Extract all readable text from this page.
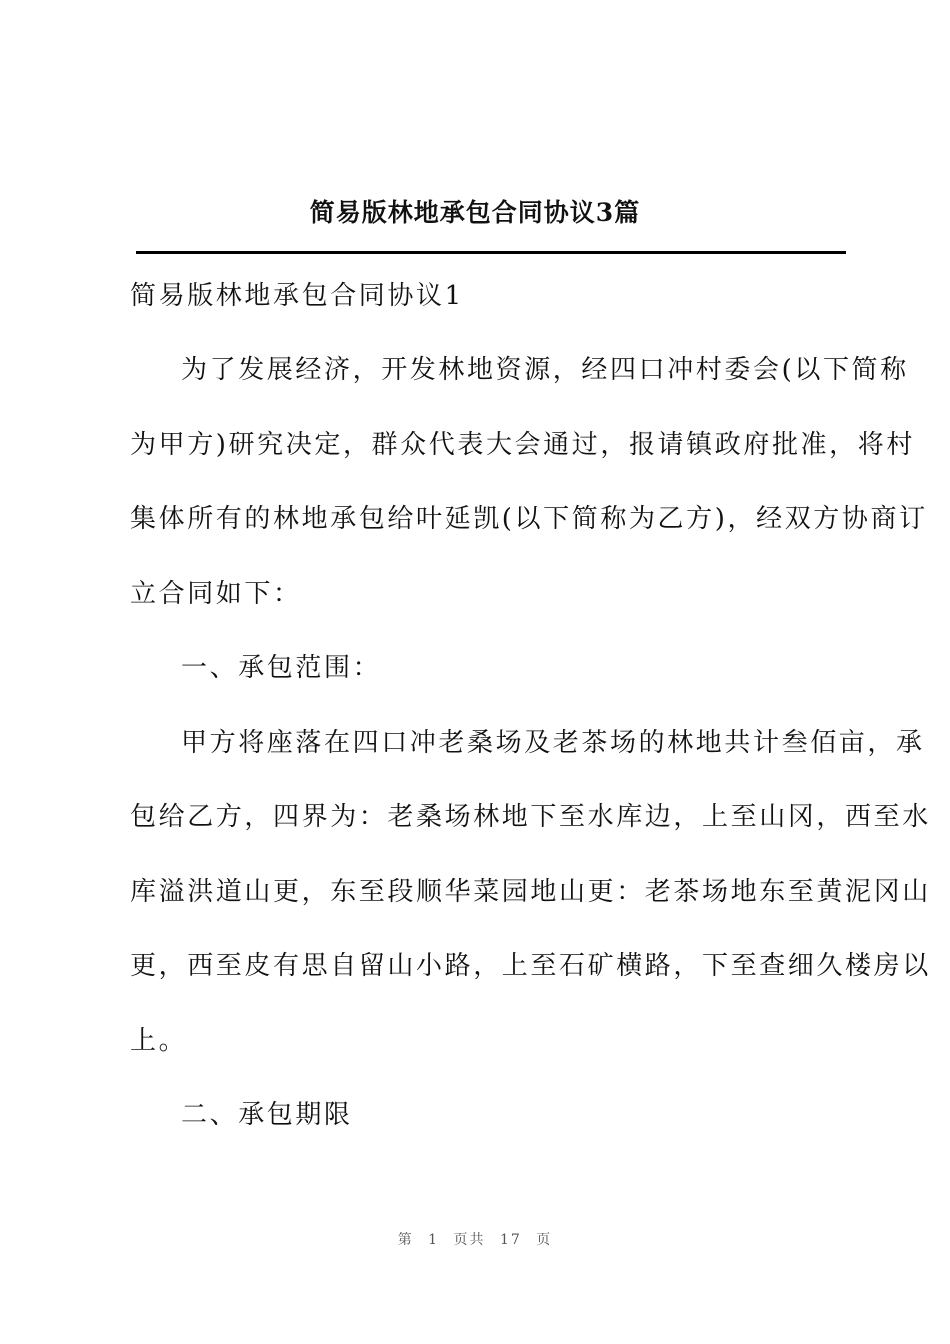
简易版林地承包合同协议3篇
简易版林地承包合同协议1
为了发展经济，开发林地资源，经四口冲村委会(以下简称
为甲方)研究决定，群众代表大会通过，报请镇政府批准，将村
集体所有的林地承包给叶延凯(以下简称为乙方)，经双方协商订
立合同如下：
一、承包范围：
甲方将座落在四口冲老桑场及老茶场的林地共计叁佰亩，承
包给乙方，四界为：老桑场林地下至水库边，上至山冈，西至水
库溢洪道山更，东至段顺华菜园地山更：老茶场地东至黄泥冈山
更，西至皮有思自留山小路，上至石矿横路，下至查细久楼房以
上。
二、承包期限
第 1 页共 17 页
